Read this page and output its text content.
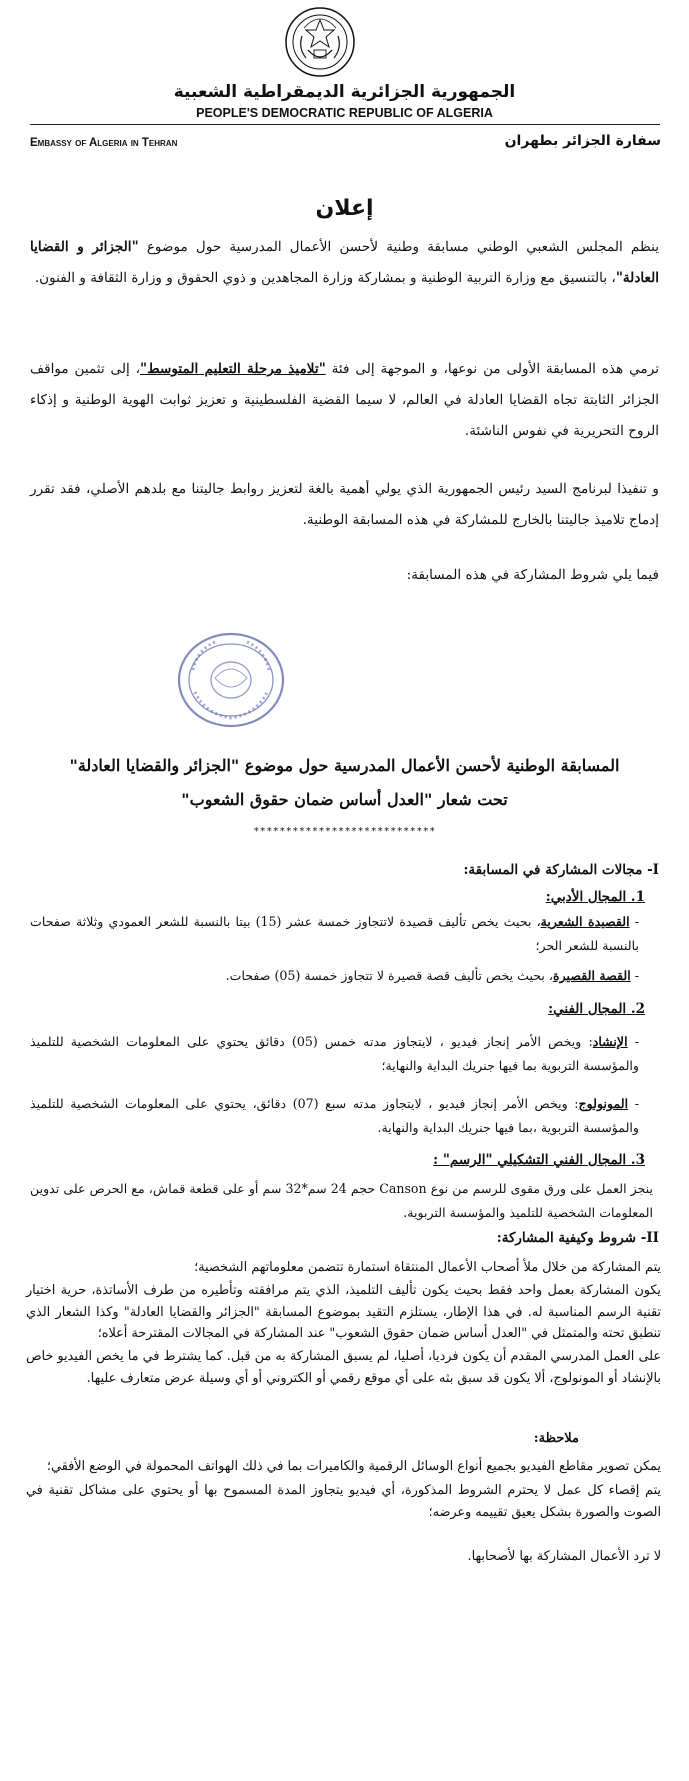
الجمهورية الجزائرية الديمقراطية الشعبية
PEOPLE'S DEMOCRATIC REPUBLIC OF ALGERIA
Embassy of Algeria in Tehran	سفارة الجزائر بطهران
إعلان
ينظم المجلس الشعبي الوطني مسابقة وطنية لأحسن الأعمال المدرسية حول موضوع "الجزائر و القضايا العادلة"، بالتنسيق مع وزارة التربية الوطنية و بمشاركة وزارة المجاهدين و ذوي الحقوق و وزارة الثقافة و الفنون.
ترمي هذه المسابقة الأولى من نوعها، و الموجهة إلى فئة "تلاميذ مرحلة التعليم المتوسط"، إلى تثمين مواقف الجزائر الثابتة تجاه القضايا العادلة في العالم، لا سيما القضية الفلسطينية و تعزيز ثوابت الهوية الوطنية و إذكاء الروح التحريرية في نفوس الناشئة.
و تنفيذا لبرنامج السيد رئيس الجمهورية الذي يولي أهمية بالغة لتعزيز روابط جاليتنا مع بلدهم الأصلي، فقد تقرر إدماج تلاميذ جاليتنا بالخارج للمشاركة في هذه المسابقة الوطنية.
فيما يلي شروط المشاركة في هذه المسابقة:
المسابقة الوطنية لأحسن الأعمال المدرسية حول موضوع "الجزائر والقضايا العادلة"
تحت شعار "العدل أساس ضمان حقوق الشعوب"
****************************
I- مجالات المشاركة في المسابقة:
1. المجال الأدبي:
- القصيدة الشعرية، بحيث يخص تأليف قصيدة لاتتجاوز خمسة عشر (15) بيتا بالنسبة للشعر العمودي وثلاثة صفحات بالنسبة للشعر الحر؛
- القصة القصيرة، بحيث يخص تأليف قصة قصيرة لا تتجاوز خمسة (05) صفحات.
2. المجال الفني:
- الإنشاد: ويخص الأمر إنجاز فيديو ، لايتجاوز مدته خمس (05) دقائق يحتوي على المعلومات الشخصية للتلميذ والمؤسسة التربوية بما فيها جنريك البداية والنهاية؛
- المونولوج: ويخص الأمر إنجاز فيديو ، لايتجاوز مدته سبع (07) دقائق، يحتوي على المعلومات الشخصية للتلميذ والمؤسسة التربوية ،بما فيها جنريك البداية والنهاية.
3. المجال الفني التشكيلي "الرسم" :
ينجز العمل على ورق مقوى للرسم من نوع Canson حجم 24 سم*32 سم أو على قطعة قماش، مع الحرص على تدوين المعلومات الشخصية للتلميذ والمؤسسة التربوية.
II- شروط وكيفية المشاركة:
يتم المشاركة من خلال ملأ أصحاب الأعمال المنتقاة استمارة تتضمن معلوماتهم الشخصية؛
يكون المشاركة بعمل واحد فقط بحيث يكون تأليف التلميذ، الذي يتم مرافقته وتأطيره من طرف الأساتذة، حرية اختيار تقنية الرسم المناسبة له. في هذا الإطار، يستلزم التقيد بموضوع المسابقة "الجزائر والقضايا العادلة" وكذا الشعار الذي تنطبق تحته والمتمثل في "العدل أساس ضمان حقوق الشعوب" عند المشاركة في المجالات المقترحة أعلاه؛
على العمل المدرسي المقدم أن يكون فرديا، أصليا، لم يسبق المشاركة به من قبل. كما يشترط في ما يخص الفيديو خاص بالإنشاد أو المونولوج، ألا يكون قد سبق بثه على أي موقع رقمي أو الكتروني أو أي وسيلة عرض متعارف عليها.
ملاحظة:
يمكن تصوير مقاطع الفيديو بجميع أنواع الوسائل الرقمية والكاميرات بما في ذلك الهواتف المحمولة في الوضع الأفقي؛
يتم إقصاء كل عمل لا يحترم الشروط المذكورة، أي فيديو يتجاوز المدة المسموح بها أو يحتوي على مشاكل تقنية في الصوت والصورة بشكل يعيق تقييمه وعرضه؛
لا ترد الأعمال المشاركة بها لأصحابها.
